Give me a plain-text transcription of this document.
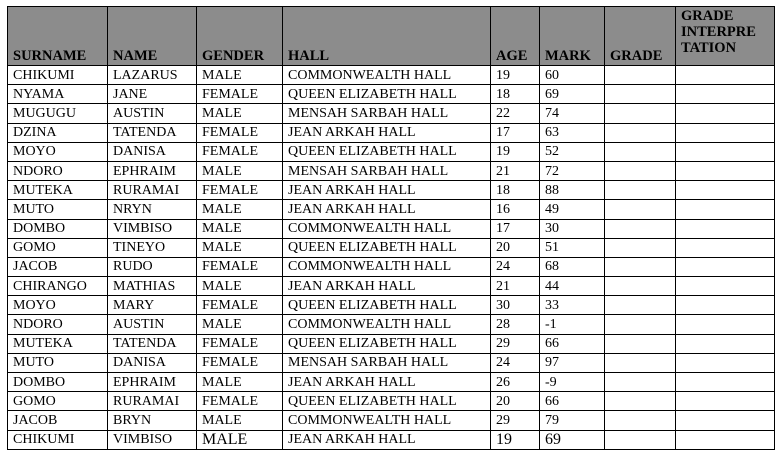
SURNAME	NAME	GENDER	HALL	AGE	MARK	GRADE	GRADE INTERPRE TATION
CHIKUMI	LAZARUS	MALE	COMMONWEALTH HALL	19	60		
NYAMA	JANE	FEMALE	QUEEN ELIZABETH HALL	18	69		
MUGUGU	AUSTIN	MALE	MENSAH SARBAH HALL	22	74		
DZINA	TATENDA	FEMALE	JEAN ARKAH HALL	17	63		
MOYO	DANISA	FEMALE	QUEEN ELIZABETH HALL	19	52		
NDORO	EPHRAIM	MALE	MENSAH SARBAH HALL	21	72		
MUTEKA	RURAMAI	FEMALE	JEAN ARKAH HALL	18	88		
MUTO	NRYN	MALE	JEAN ARKAH HALL	16	49		
DOMBO	VIMBISO	MALE	COMMONWEALTH HALL	17	30		
GOMO	TINEYO	MALE	QUEEN ELIZABETH HALL	20	51		
JACOB	RUDO	FEMALE	COMMONWEALTH HALL	24	68		
CHIRANGO	MATHIAS	MALE	JEAN ARKAH HALL	21	44		
MOYO	MARY	FEMALE	QUEEN ELIZABETH HALL	30	33		
NDORO	AUSTIN	MALE	COMMONWEALTH HALL	28	-1		
MUTEKA	TATENDA	FEMALE	QUEEN ELIZABETH HALL	29	66		
MUTO	DANISA	FEMALE	MENSAH SARBAH HALL	24	97		
DOMBO	EPHRAIM	MALE	JEAN ARKAH HALL	26	-9		
GOMO	RURAMAI	FEMALE	QUEEN ELIZABETH HALL	20	66		
JACOB	BRYN	MALE	COMMONWEALTH HALL	29	79		
CHIKUMI	VIMBISO	MALE	JEAN ARKAH HALL	19	69		
